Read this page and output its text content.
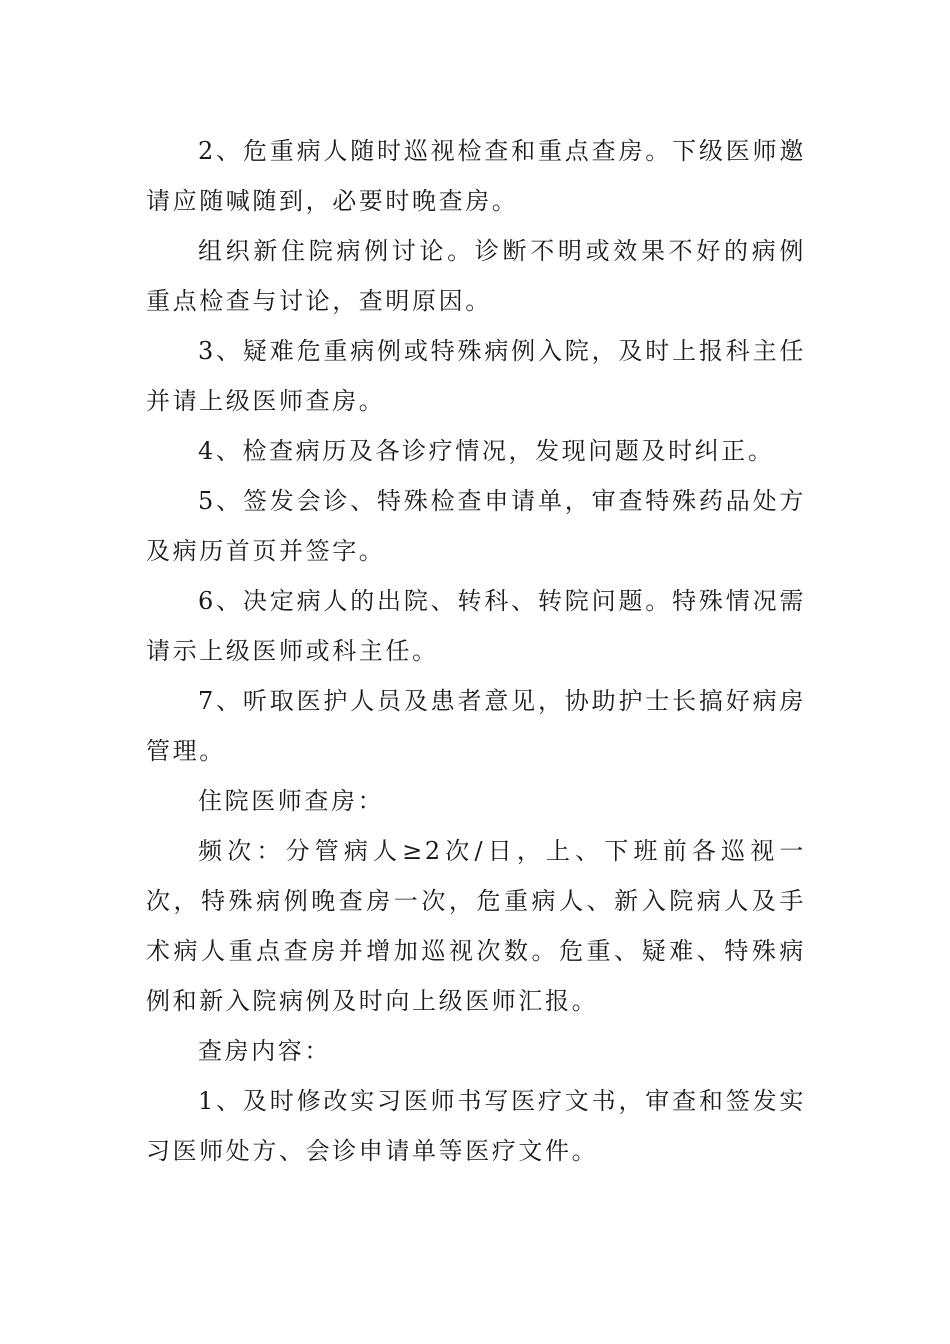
2、危重病人随时巡视检查和重点查房。下级医师邀请应随喊随到，必要时晚查房。

组织新住院病例讨论。诊断不明或效果不好的病例重点检查与讨论，查明原因。

3、疑难危重病例或特殊病例入院，及时上报科主任并请上级医师查房。

4、检查病历及各诊疗情况，发现问题及时纠正。

5、签发会诊、特殊检查申请单，审查特殊药品处方及病历首页并签字。

6、决定病人的出院、转科、转院问题。特殊情况需请示上级医师或科主任。

7、听取医护人员及患者意见，协助护士长搞好病房管理。

住院医师查房：

频次：分管病人≥2次/日，上、下班前各巡视一次，特殊病例晚查房一次，危重病人、新入院病人及手术病人重点查房并增加巡视次数。危重、疑难、特殊病例和新入院病例及时向上级医师汇报。

查房内容：

1、及时修改实习医师书写医疗文书，审查和签发实习医师处方、会诊申请单等医疗文件。
